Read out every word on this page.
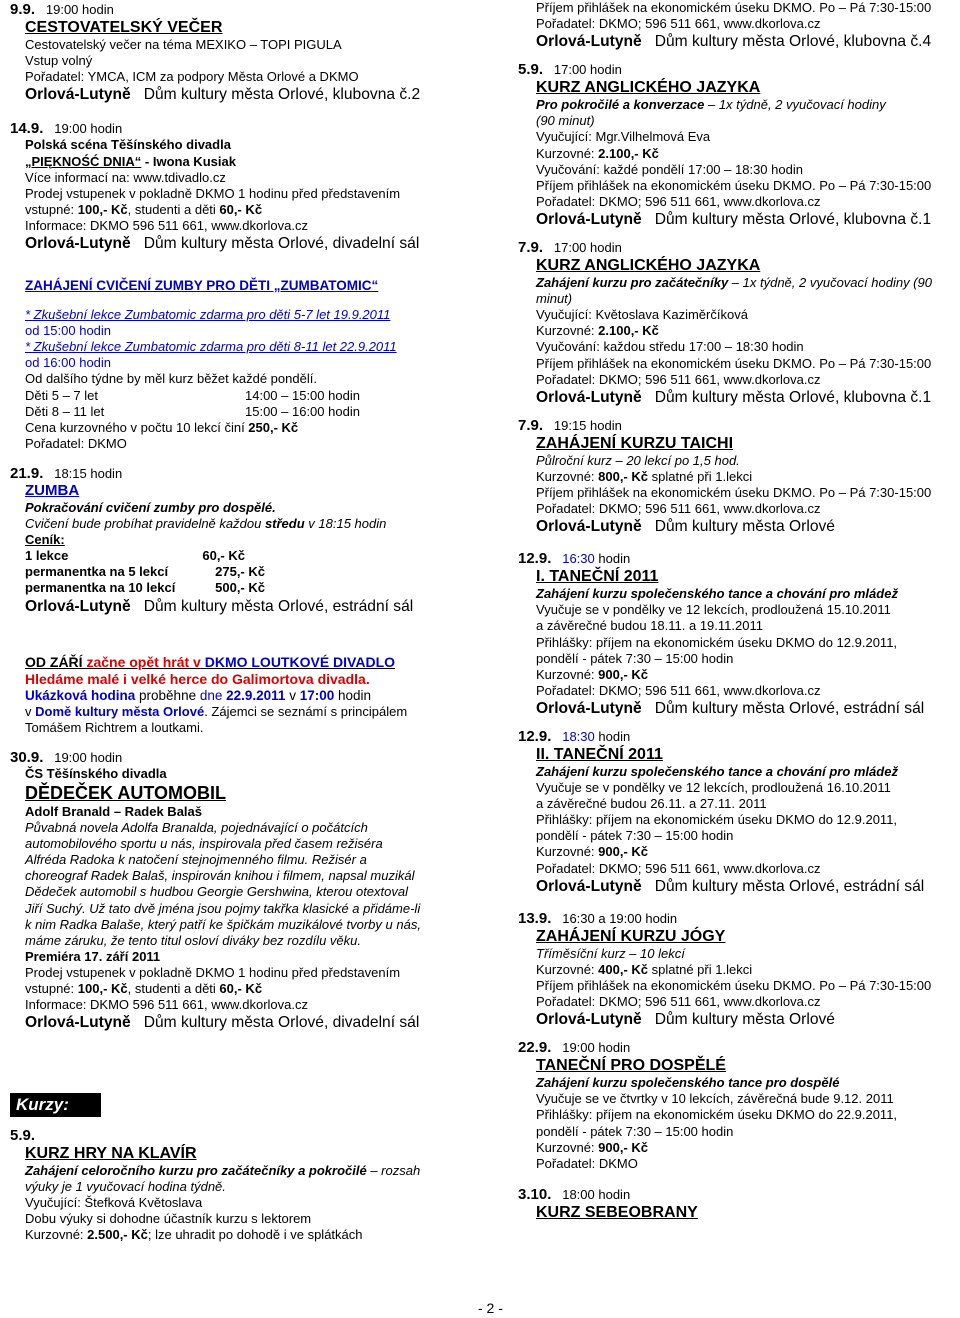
9.9. 19:00 hodin
CESTOVATELSKÝ VEČER
Cestovatelský večer na téma MEXIKO – TOPI PIGULA
Vstup volný
Pořadatel: YMCA, ICM za podpory Města Orlové a DKMO
Orlová-Lutyně Dům kultury města Orlové, klubovna č.2
14.9. 19:00 hodin
Polská scéna Těšínského divadla
„PIĘKNOŚĆ DNIA“ - Iwona Kusiak
Více informací na: www.tdivadlo.cz
Prodej vstupenek v pokladně DKMO 1 hodinu před představením
vstupné: 100,- Kč, studenti a děti 60,- Kč
Informace: DKMO 596 511 661, www.dkorlova.cz
Orlová-Lutyně Dům kultury města Orlové, divadelní sál
ZAHÁJENÍ CVIČENÍ ZUMBY PRO DĚTI „ZUMBATOMIC“
* Zkušební lekce Zumbatomic zdarma pro děti 5-7 let 19.9.2011
od 15:00 hodin
* Zkušební lekce Zumbatomic zdarma pro děti 8-11 let 22.9.2011
od 16:00 hodin
Od dalšího týdne by měl kurz běžet každé pondělí.
Děti 5 – 7 let	14:00 – 15:00 hodin
Děti 8 – 11 let	15:00 – 16:00 hodin
Cena kurzovného v počtu 10 lekcí činí 250,- Kč
Pořadatel: DKMO
21.9. 18:15 hodin
ZUMBA
Pokračování cvičení zumby pro dospělé.
Cvičení bude probíhat pravidelně každou středu v 18:15 hodin
Ceník:
1 lekce	60,- Kč
permanentka na 5 lekcí	275,- Kč
permanentka na 10 lekcí	500,- Kč
Orlová-Lutyně Dům kultury města Orlové, estrádní sál
OD ZÁŘÍ začne opět hrát v DKMO LOUTKOVÉ DIVADLO
Hledáme malé i velké herce do Galimortova divadla.
Ukázková hodina proběhne dne 22.9.2011 v 17:00 hodin
v Domě kultury města Orlové. Zájemci se seznámí s principálem
Tomášem Richtrem a loutkami.
30.9. 19:00 hodin
ČS Těšínského divadla
DĚDEČEK AUTOMOBIL
Adolf Branald – Radek Balaš
Půvabná novela Adolfa Branalda, pojednávající o počátcích
automobilového sportu u nás, inspirovala před časem režiséra
Alfréda Radoka k natočení stejnojmenného filmu. Režisér a
choreograf Radek Balaš, inspirován knihou i filmem, napsal muzikál
Dědeček automobil s hudbou Georgie Gershwina, kterou otextoval
Jiří Suchý. Už tato dvě jména jsou pojmy takřka klasické a přidáme-li
k nim Radka Balaše, který patří ke špičkám muzikálové tvorby u nás,
máme záruku, že tento titul osloví diváky bez rozdílu věku.
Premiéra 17. září 2011
Prodej vstupenek v pokladně DKMO 1 hodinu před představením
vstupné: 100,- Kč, studenti a děti 60,- Kč
Informace: DKMO 596 511 661, www.dkorlova.cz
Orlová-Lutyně Dům kultury města Orlové, divadelní sál
Kurzy:
5.9.
KURZ HRY NA KLAVÍR
Zahájení celoročního kurzu pro začátečníky a pokročilé – rozsah
výuky je 1 vyučovací hodina týdně.
Vyučující: Štefková Květoslava
Dobu výuky si dohodne účastník kurzu s lektorem
Kurzovné: 2.500,- Kč; lze uhradit po dohodě i ve splátkách
Příjem přihlášek na ekonomickém úseku DKMO. Po – Pá 7:30-15:00
Pořadatel: DKMO; 596 511 661, www.dkorlova.cz
Orlová-Lutyně Dům kultury města Orlové, klubovna č.4
5.9. 17:00 hodin
KURZ ANGLICKÉHO JAZYKA
Pro pokročilé a konverzace – 1x týdně, 2 vyučovací hodiny
(90 minut)
Vyučující: Mgr.Vilhelmová Eva
Kurzovné: 2.100,- Kč
Vyučování: každé pondělí 17:00 – 18:30 hodin
Příjem přihlášek na ekonomickém úseku DKMO. Po – Pá 7:30-15:00
Pořadatel: DKMO; 596 511 661, www.dkorlova.cz
Orlová-Lutyně Dům kultury města Orlové, klubovna č.1
7.9. 17:00 hodin
KURZ ANGLICKÉHO JAZYKA
Zahájení kurzu pro začátečníky – 1x týdně, 2 vyučovací hodiny (90
minut)
Vyučující: Květoslava Kaziměrčíková
Kurzovné: 2.100,- Kč
Vyučování: každou středu 17:00 – 18:30 hodin
Příjem přihlášek na ekonomickém úseku DKMO. Po – Pá 7:30-15:00
Pořadatel: DKMO; 596 511 661, www.dkorlova.cz
Orlová-Lutyně Dům kultury města Orlové, klubovna č.1
7.9. 19:15 hodin
ZAHÁJENÍ KURZU TAICHI
Půlroční kurz – 20 lekcí po 1,5 hod.
Kurzovné: 800,- Kč splatné při 1.lekci
Příjem přihlášek na ekonomickém úseku DKMO. Po – Pá 7:30-15:00
Pořadatel: DKMO; 596 511 661, www.dkorlova.cz
Orlová-Lutyně Dům kultury města Orlové
12.9. 16:30 hodin
I. TANEČNÍ 2011
Zahájení kurzu společenského tance a chování pro mládež
Vyučuje se v pondělky ve 12 lekcích, prodloužená 15.10.2011
a závěrečné budou 18.11. a 19.11.2011
Přihlášky: příjem na ekonomickém úseku DKMO do 12.9.2011,
pondělí - pátek 7:30 – 15:00 hodin
Kurzovné: 900,- Kč
Pořadatel: DKMO; 596 511 661, www.dkorlova.cz
Orlová-Lutyně Dům kultury města Orlové, estrádní sál
12.9. 18:30 hodin
II. TANEČNÍ 2011
Zahájení kurzu společenského tance a chování pro mládež
Vyučuje se v pondělky ve 12 lekcích, prodloužená 16.10.2011
a závěrečné budou 26.11. a 27.11. 2011
Přihlášky: příjem na ekonomickém úseku DKMO do 12.9.2011,
pondělí - pátek 7:30 – 15:00 hodin
Kurzovné: 900,- Kč
Pořadatel: DKMO; 596 511 661, www.dkorlova.cz
Orlová-Lutyně Dům kultury města Orlové, estrádní sál
13.9. 16:30 a 19:00 hodin
ZAHÁJENÍ KURZU JÓGY
Tříměsíční kurz – 10 lekcí
Kurzovné: 400,- Kč splatné při 1.lekci
Příjem přihlášek na ekonomickém úseku DKMO. Po – Pá 7:30-15:00
Pořadatel: DKMO; 596 511 661, www.dkorlova.cz
Orlová-Lutyně Dům kultury města Orlové
22.9. 19:00 hodin
TANEČNÍ PRO DOSPĚLÉ
Zahájení kurzu společenského tance pro dospělé
Vyučuje se ve čtvrtky v 10 lekcích, závěrečná bude 9.12. 2011
Přihlášky: příjem na ekonomickém úseku DKMO do 22.9.2011,
pondělí - pátek 7:30 – 15:00 hodin
Kurzovné: 900,- Kč
Pořadatel: DKMO
3.10. 18:00 hodin
KURZ SEBEOBRANY
- 2 -
